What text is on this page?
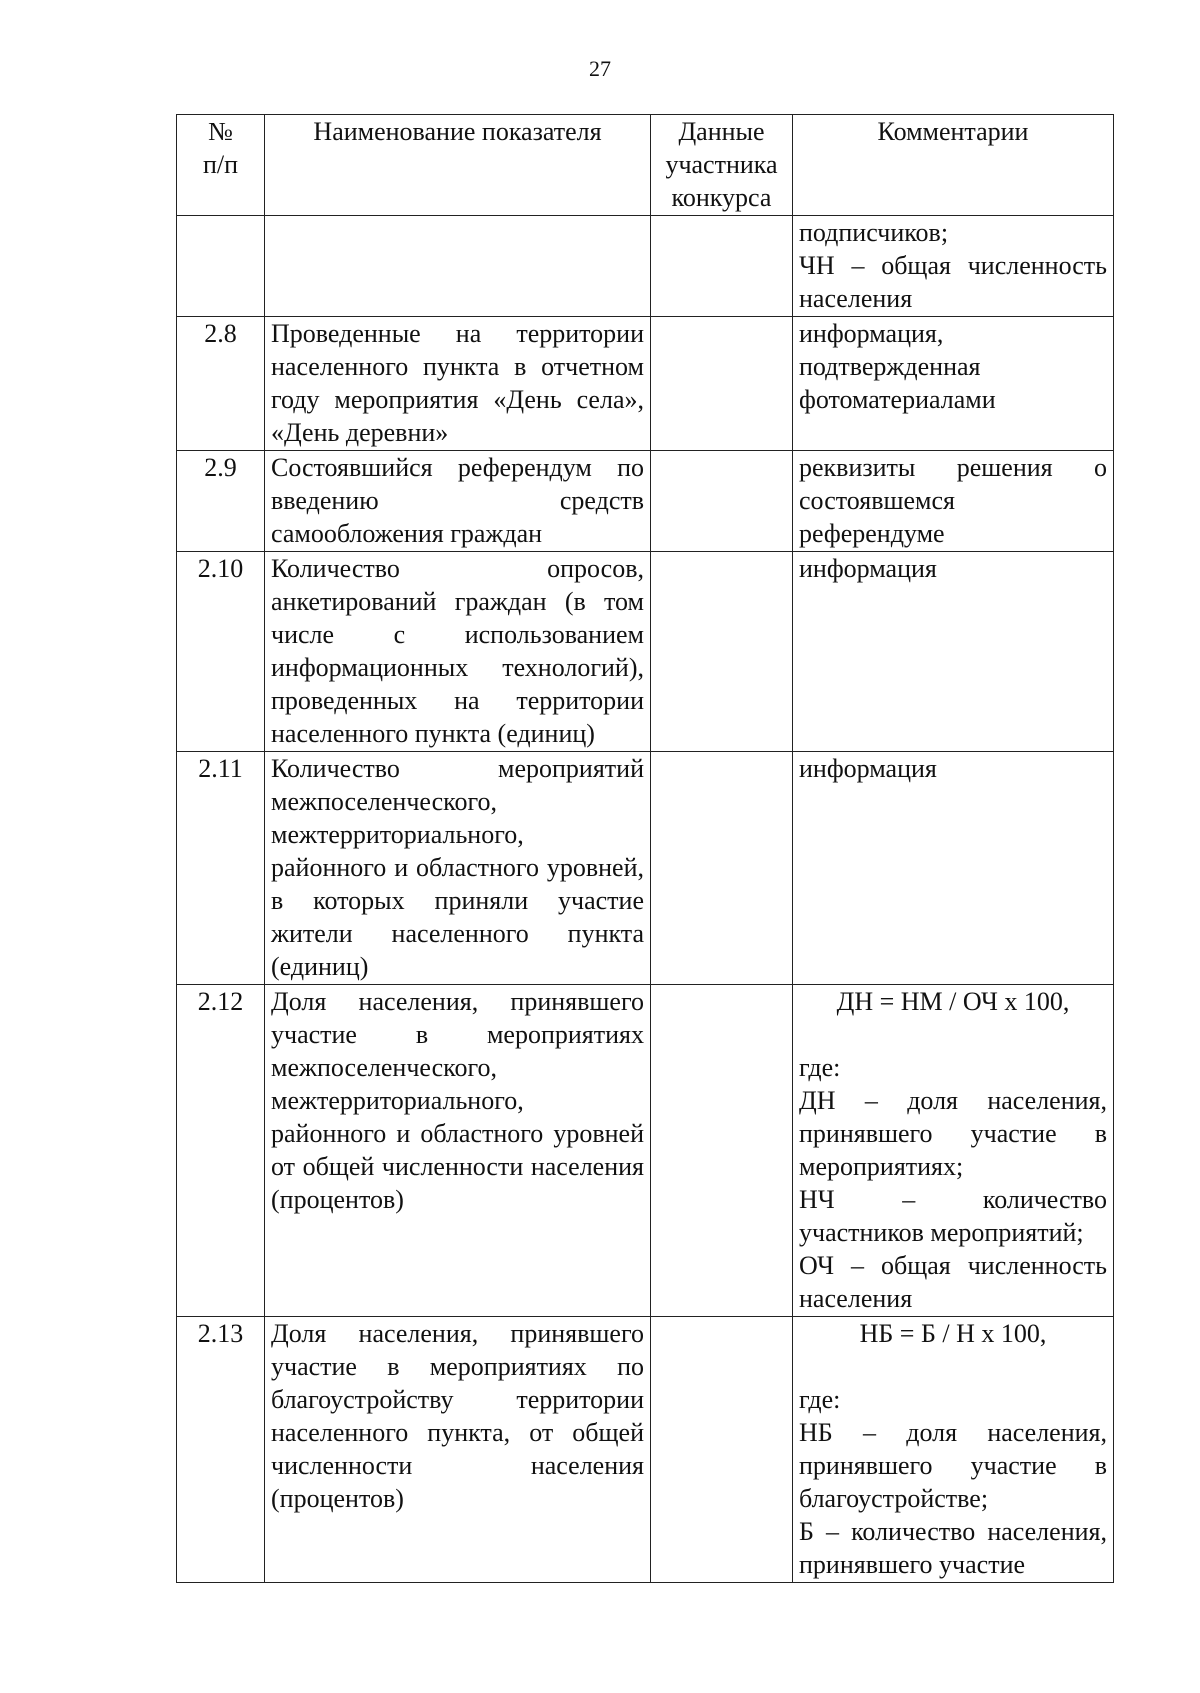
27
№
п/п	Наименование показателя	Данные
участника
конкурса	Комментарии

			подписчиков;
ЧН – общая численность населения

2.8	Проведенные на территории населенного пункта в отчетном году мероприятия «День села», «День деревни»		информация, подтвержденная фотоматериалами

2.9	Состоявшийся референдум по введению средств самообложения граждан		реквизиты решения о состоявшемся референдуме

2.10	Количество опросов, анкетирований граждан (в том числе с использованием информационных технологий), проведенных на территории населенного пункта (единиц)		информация

2.11	Количество мероприятий межпоселенческого, межтерриториального, районного и областного уровней, в которых приняли участие жители населенного пункта (единиц)		информация

2.12	Доля населения, принявшего участие в мероприятиях межпоселенческого, межтерриториального, районного и областного уровней от общей численности населения (процентов)		ДН = НМ / ОЧ х 100,
где:
ДН – доля населения, принявшего участие в мероприятиях;
НЧ – количество участников мероприятий;
ОЧ – общая численность населения

2.13	Доля населения, принявшего участие в мероприятиях по благоустройству территории населенного пункта, от общей численности населения (процентов)		НБ = Б / Н х 100,
где:
НБ – доля населения, принявшего участие в благоустройстве;
Б – количество населения, принявшего участие
